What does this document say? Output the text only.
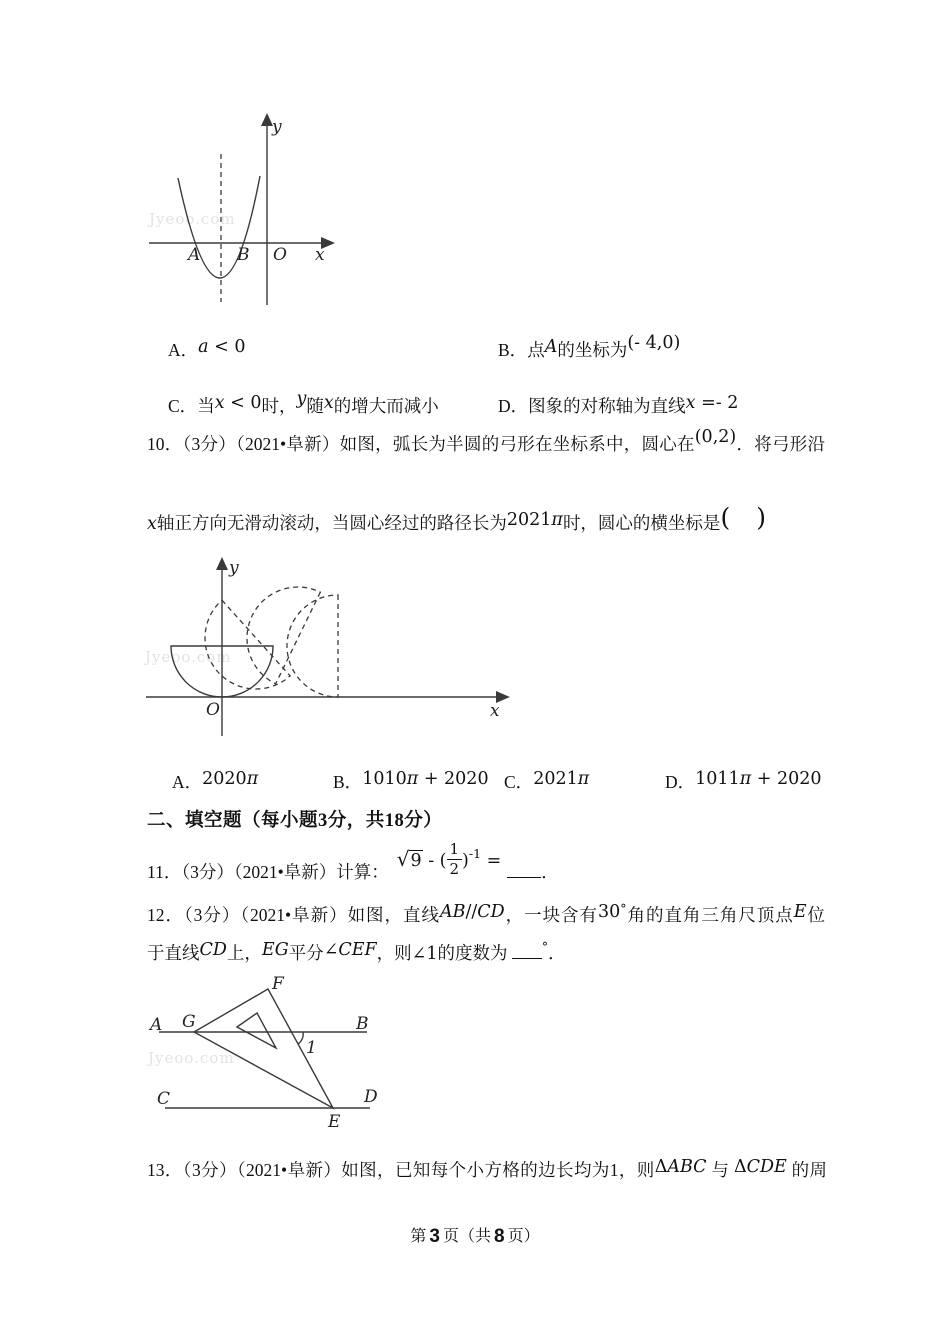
Jyeoo.com
A B O x
y
A．a < 0	B．点A的坐标为(- 4,0)
C．当x < 0时，y随x的增大而减小	D．图象的对称轴为直线x =- 2
10．（3分）（2021•阜新）如图，弧长为半圆的弓形在坐标系中，圆心在(0,2)．将弓形沿
x轴正方向无滑动滚动，当圆心经过的路径长为2021π时，圆心的横坐标是( )
Jyeoo.com
O	x
y
A．2020π	B．1010π + 2020 C．2021π	D．1011π + 2020
二、填空题（每小题3分，共18分）
11．（3分）（2021•阜新）计算：√9 - ( $\frac{1}{2} )^{-1}$ =．
12．（3分）（2021•阜新）如图，直线AB//CD，一块含有30°角的直角三角尺顶点E位
于直线CD上，EG平分∠CEF，则∠1的度数为 °．
Jyeoo.com
F
A G	B
1
C	D
E
13．（3分）（2021•阜新）如图，已知每个小方格的边长均为1，则ΔABC 与 ΔCDE 的周
第 3 页（共 8 页）
